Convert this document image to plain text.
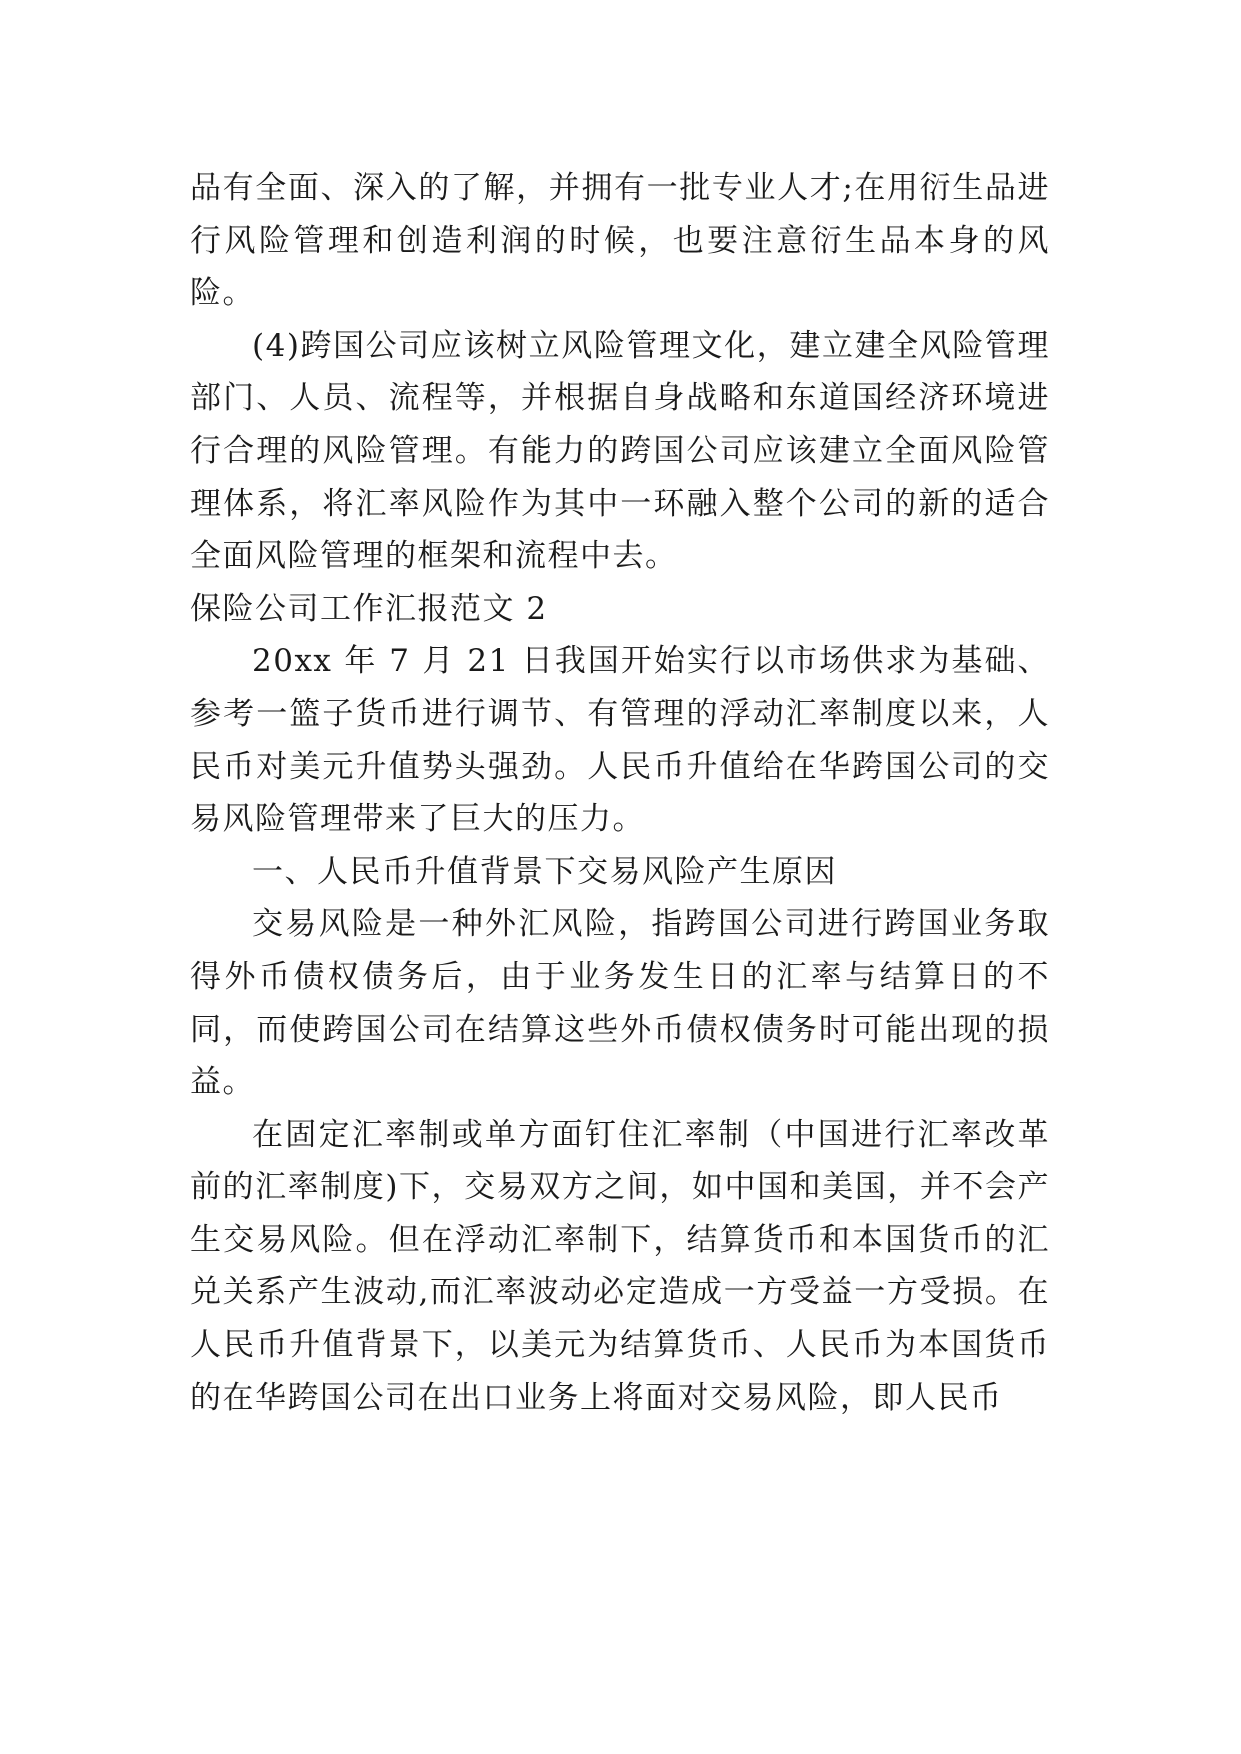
品有全面、深入的了解，并拥有一批专业人才;在用衍生品进行风险管理和创造利润的时候，也要注意衍生品本身的风险。

(4)跨国公司应该树立风险管理文化，建立建全风险管理部门、人员、流程等，并根据自身战略和东道国经济环境进行合理的风险管理。有能力的跨国公司应该建立全面风险管理体系，将汇率风险作为其中一环融入整个公司的新的适合全面风险管理的框架和流程中去。

保险公司工作汇报范文 2

20xx 年 7 月 21 日我国开始实行以市场供求为基础、参考一篮子货币进行调节、有管理的浮动汇率制度以来，人民币对美元升值势头强劲。人民币升值给在华跨国公司的交易风险管理带来了巨大的压力。

一、人民币升值背景下交易风险产生原因

交易风险是一种外汇风险，指跨国公司进行跨国业务取得外币债权债务后，由于业务发生日的汇率与结算日的不同，而使跨国公司在结算这些外币债权债务时可能出现的损益。

在固定汇率制或单方面钉住汇率制（中国进行汇率改革前的汇率制度)下，交易双方之间，如中国和美国，并不会产生交易风险。但在浮动汇率制下，结算货币和本国货币的汇兑关系产生波动,而汇率波动必定造成一方受益一方受损。在人民币升值背景下，以美元为结算货币、人民币为本国货币的在华跨国公司在出口业务上将面对交易风险，即人民币
